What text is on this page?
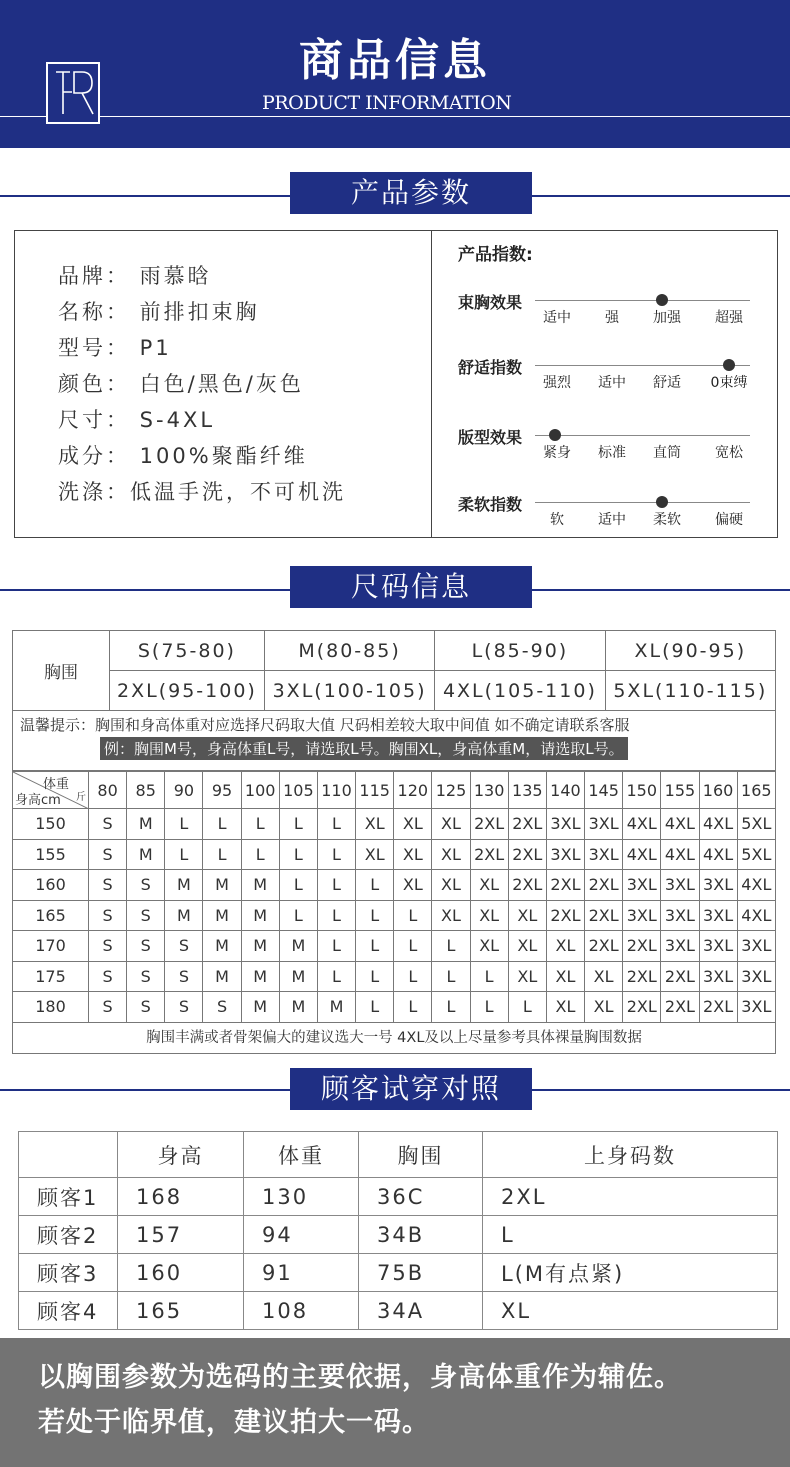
商品信息
PRODUCT INFORMATION
产品参数
品牌： 雨慕晗
名称： 前排扣束胸
型号： P1
颜色： 白色/黑色/灰色
尺寸： S-4XL
成分： 100%聚酯纤维
洗涤：低温手洗，不可机洗
产品指数:
束胸效果
适中	强	加强	超强
舒适指数
强烈	适中	舒适	0束缚
版型效果
紧身	标准	直筒	宽松
柔软指数
软	适中	柔软	偏硬
尺码信息
胸围	S(75-80)	M(80-85)	L(85-90)	XL(90-95)
	2XL(95-100)	3XL(100-105)	4XL(105-110)	5XL(110-115)
温馨提示：胸围和身高体重对应选择尺码取大值 尺码相差较大取中间值 如不确定请联系客服
例：胸围M号，身高体重L号，请选取L号。胸围XL，身高体重M，请选取L号。
体重
身高cm 斤	80	85	90	95	100	105	110	115	120	125	130	135	140	145	150	155	160	165
150	S	M	L	L	L	L	L	XL	XL	XL	2XL	2XL	3XL	3XL	4XL	4XL	4XL	5XL
155	S	M	L	L	L	L	L	XL	XL	XL	2XL	2XL	3XL	3XL	4XL	4XL	4XL	5XL
160	S	S	M	M	M	L	L	L	XL	XL	XL	2XL	2XL	2XL	3XL	3XL	3XL	4XL
165	S	S	M	M	M	L	L	L	L	XL	XL	XL	2XL	2XL	3XL	3XL	3XL	4XL
170	S	S	S	M	M	M	L	L	L	L	XL	XL	XL	2XL	2XL	3XL	3XL	3XL
175	S	S	S	M	M	M	L	L	L	L	L	XL	XL	XL	2XL	2XL	3XL	3XL
180	S	S	S	S	M	M	M	L	L	L	L	L	XL	XL	2XL	2XL	2XL	3XL
胸围丰满或者骨架偏大的建议选大一号 4XL及以上尽量参考具体裸量胸围数据
顾客试穿对照
	身高	体重	胸围	上身码数
顾客1	168	130	36C	2XL
顾客2	157	94	34B	L
顾客3	160	91	75B	L(M有点紧)
顾客4	165	108	34A	XL
以胸围参数为选码的主要依据，身高体重作为辅佐。
若处于临界值，建议拍大一码。
